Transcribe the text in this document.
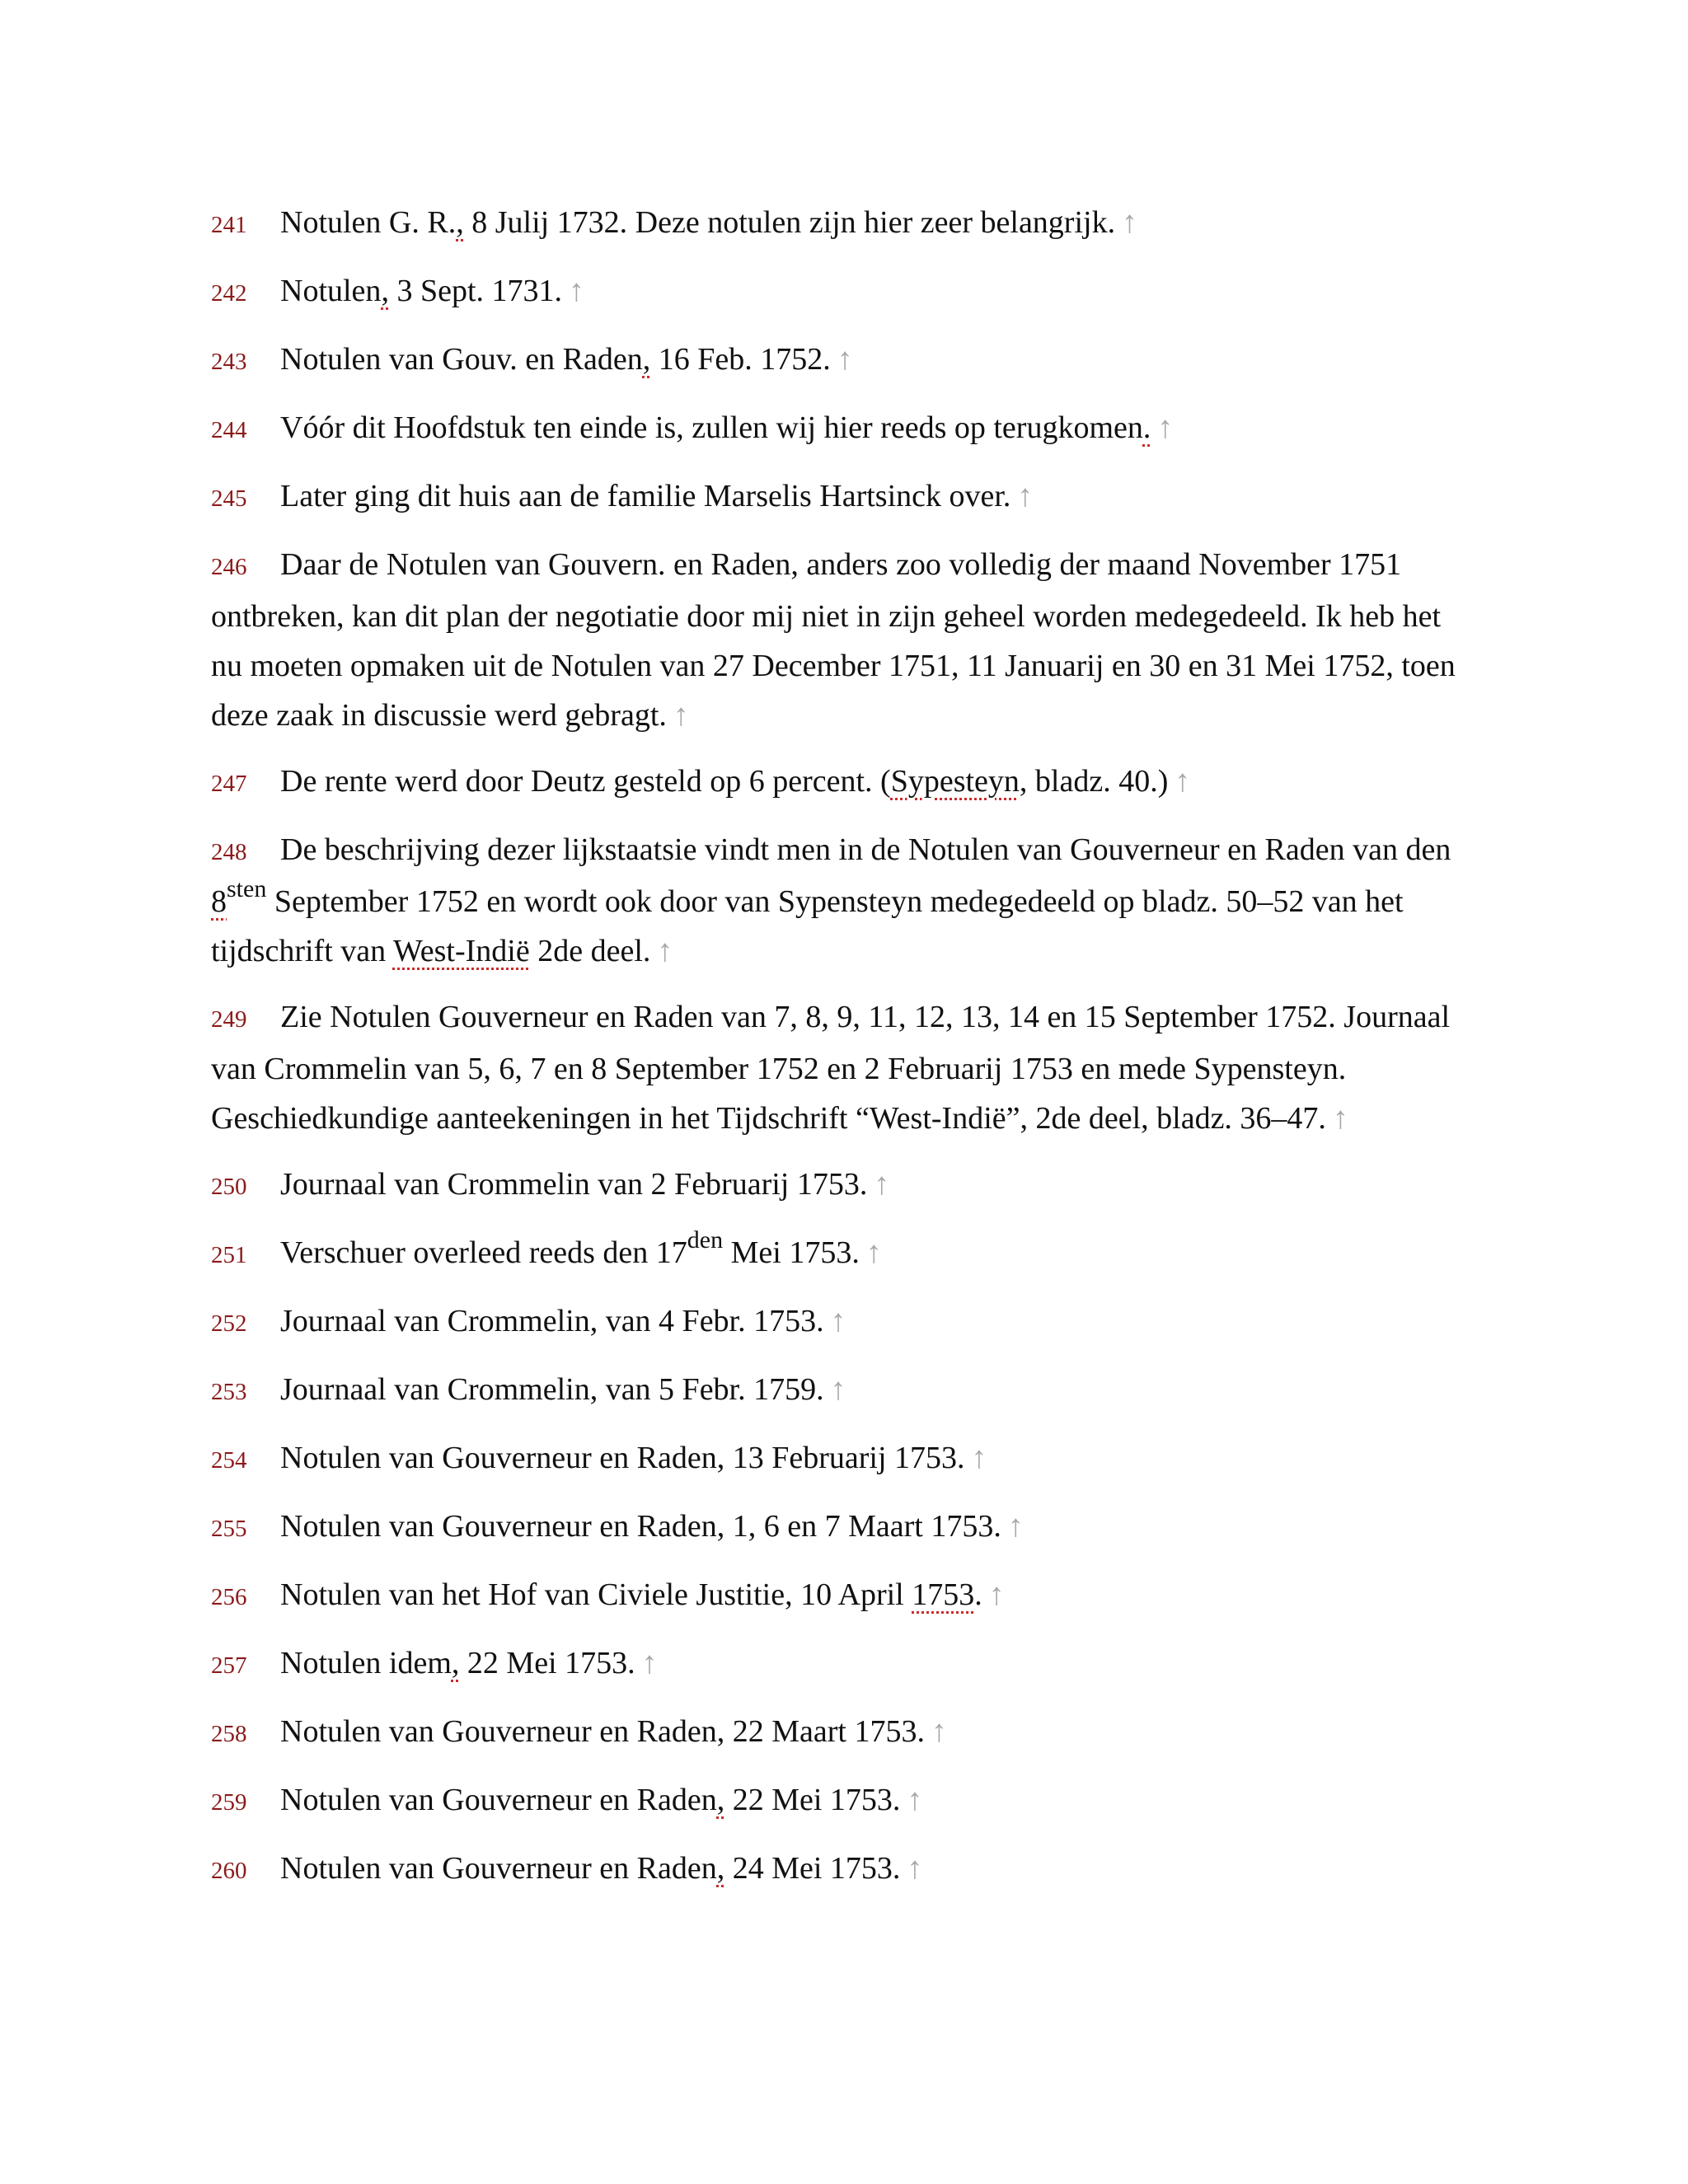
241 Notulen G. R., 8 Julij 1732. Deze notulen zijn hier zeer belangrijk. ↑

242 Notulen, 3 Sept. 1731. ↑

243 Notulen van Gouv. en Raden, 16 Feb. 1752. ↑

244 Vóór dit Hoofdstuk ten einde is, zullen wij hier reeds op terugkomen. ↑

245 Later ging dit huis aan de familie Marselis Hartsinck over. ↑

246 Daar de Notulen van Gouvern. en Raden, anders zoo volledig der maand November 1751 ontbreken, kan dit plan der negotiatie door mij niet in zijn geheel worden medegedeeld. Ik heb het nu moeten opmaken uit de Notulen van 27 December 1751, 11 Januarij en 30 en 31 Mei 1752, toen deze zaak in discussie werd gebragt. ↑

247 De rente werd door Deutz gesteld op 6 percent. (Sypesteyn, bladz. 40.) ↑

248 De beschrijving dezer lijkstaatsie vindt men in de Notulen van Gouverneur en Raden van den $8^{sten}$ September 1752 en wordt ook door van Sypensteyn medegedeeld op bladz. 50–52 van het tijdschrift van West-Indië 2de deel. ↑

249 Zie Notulen Gouverneur en Raden van 7, 8, 9, 11, 12, 13, 14 en 15 September 1752. Journaal van Crommelin van 5, 6, 7 en 8 September 1752 en 2 Februarij 1753 en mede Sypensteyn. Geschiedkundige aanteekeningen in het Tijdschrift “West-Indië”, 2de deel, bladz. 36–47. ↑

250 Journaal van Crommelin van 2 Februarij 1753. ↑

251 Verschuer overleed reeds den $17^{den}$ Mei 1753. ↑

252 Journaal van Crommelin, van 4 Febr. 1753. ↑

253 Journaal van Crommelin, van 5 Febr. 1759. ↑

254 Notulen van Gouverneur en Raden, 13 Februarij 1753. ↑

255 Notulen van Gouverneur en Raden, 1, 6 en 7 Maart 1753. ↑

256 Notulen van het Hof van Civiele Justitie, 10 April 1753. ↑

257 Notulen idem, 22 Mei 1753. ↑

258 Notulen van Gouverneur en Raden, 22 Maart 1753. ↑

259 Notulen van Gouverneur en Raden, 22 Mei 1753. ↑

260 Notulen van Gouverneur en Raden, 24 Mei 1753. ↑
